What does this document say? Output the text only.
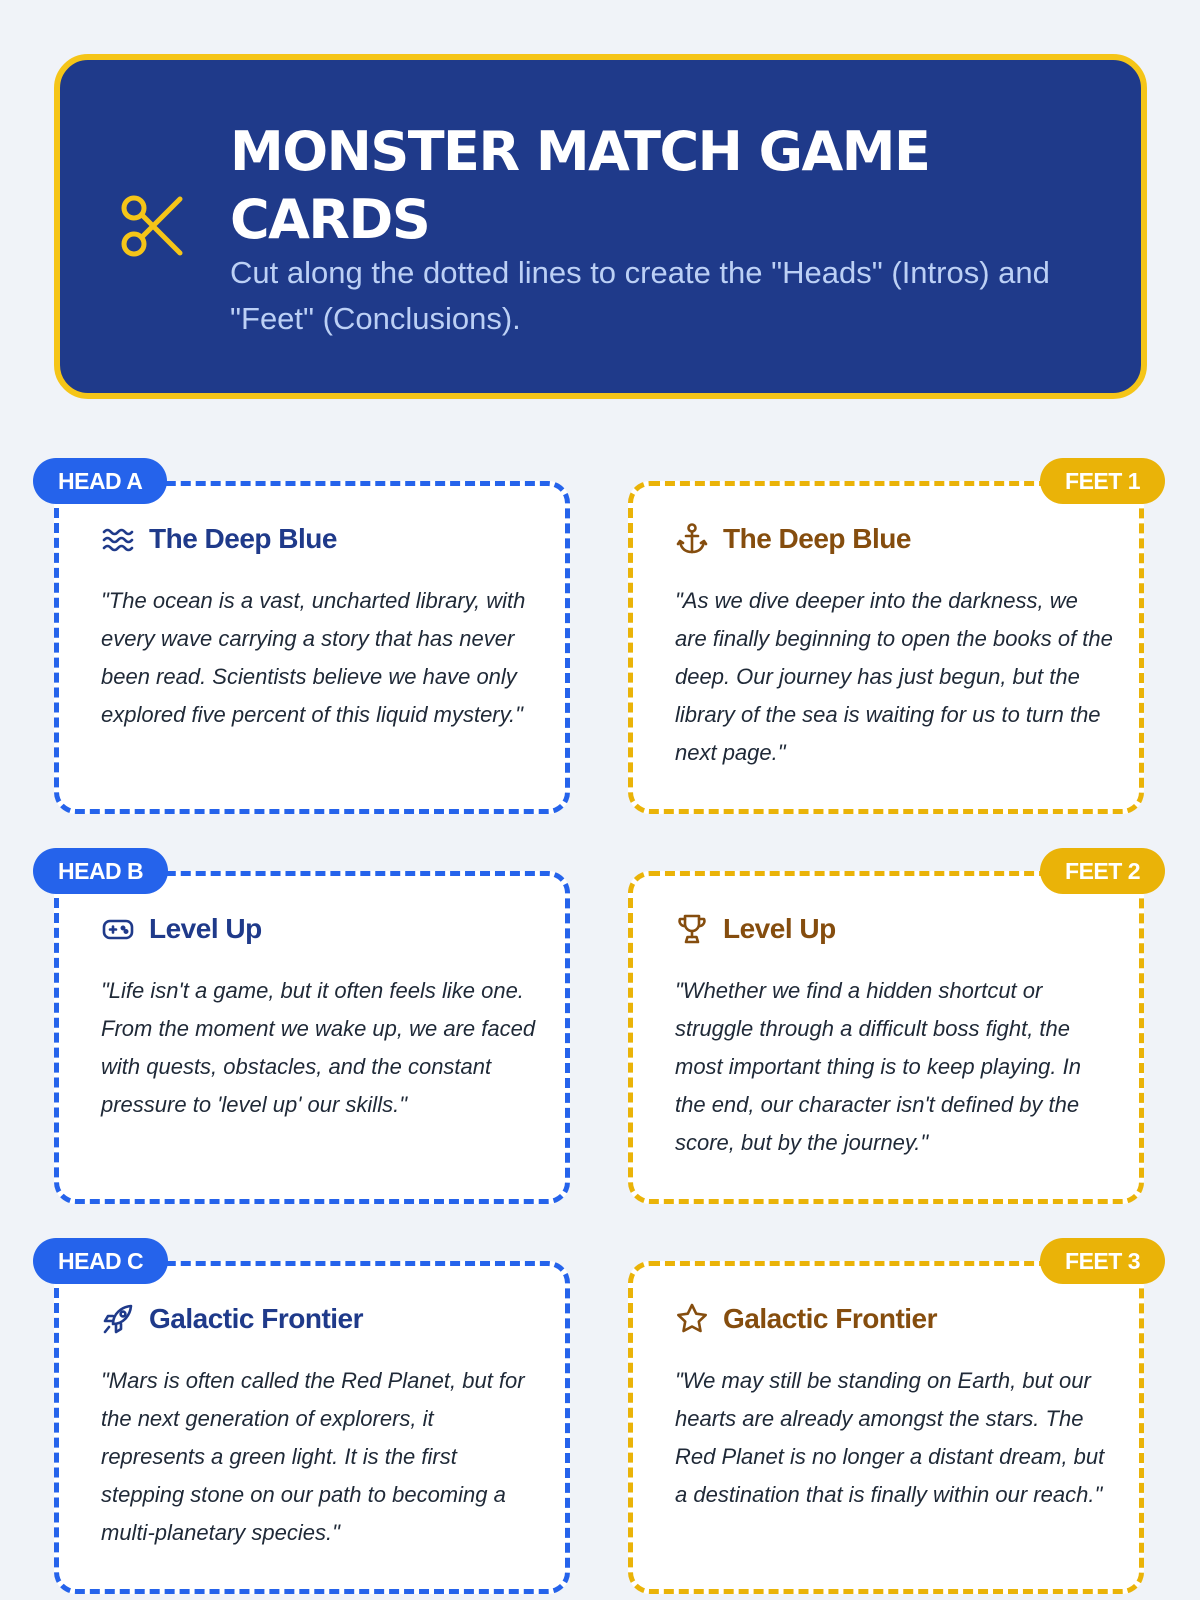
MONSTER MATCH GAME CARDS
Cut along the dotted lines to create the "Heads" (Intros) and "Feet" (Conclusions).
HEAD A
The Deep Blue
"The ocean is a vast, uncharted library, with every wave carrying a story that has never been read. Scientists believe we have only explored five percent of this liquid mystery."
FEET 1
The Deep Blue
"As we dive deeper into the darkness, we are finally beginning to open the books of the deep. Our journey has just begun, but the library of the sea is waiting for us to turn the next page."
HEAD B
Level Up
"Life isn't a game, but it often feels like one. From the moment we wake up, we are faced with quests, obstacles, and the constant pressure to 'level up' our skills."
FEET 2
Level Up
"Whether we find a hidden shortcut or struggle through a difficult boss fight, the most important thing is to keep playing. In the end, our character isn't defined by the score, but by the journey."
HEAD C
Galactic Frontier
"Mars is often called the Red Planet, but for the next generation of explorers, it represents a green light. It is the first stepping stone on our path to becoming a multi-planetary species."
FEET 3
Galactic Frontier
"We may still be standing on Earth, but our hearts are already amongst the stars. The Red Planet is no longer a distant dream, but a destination that is finally within our reach."
